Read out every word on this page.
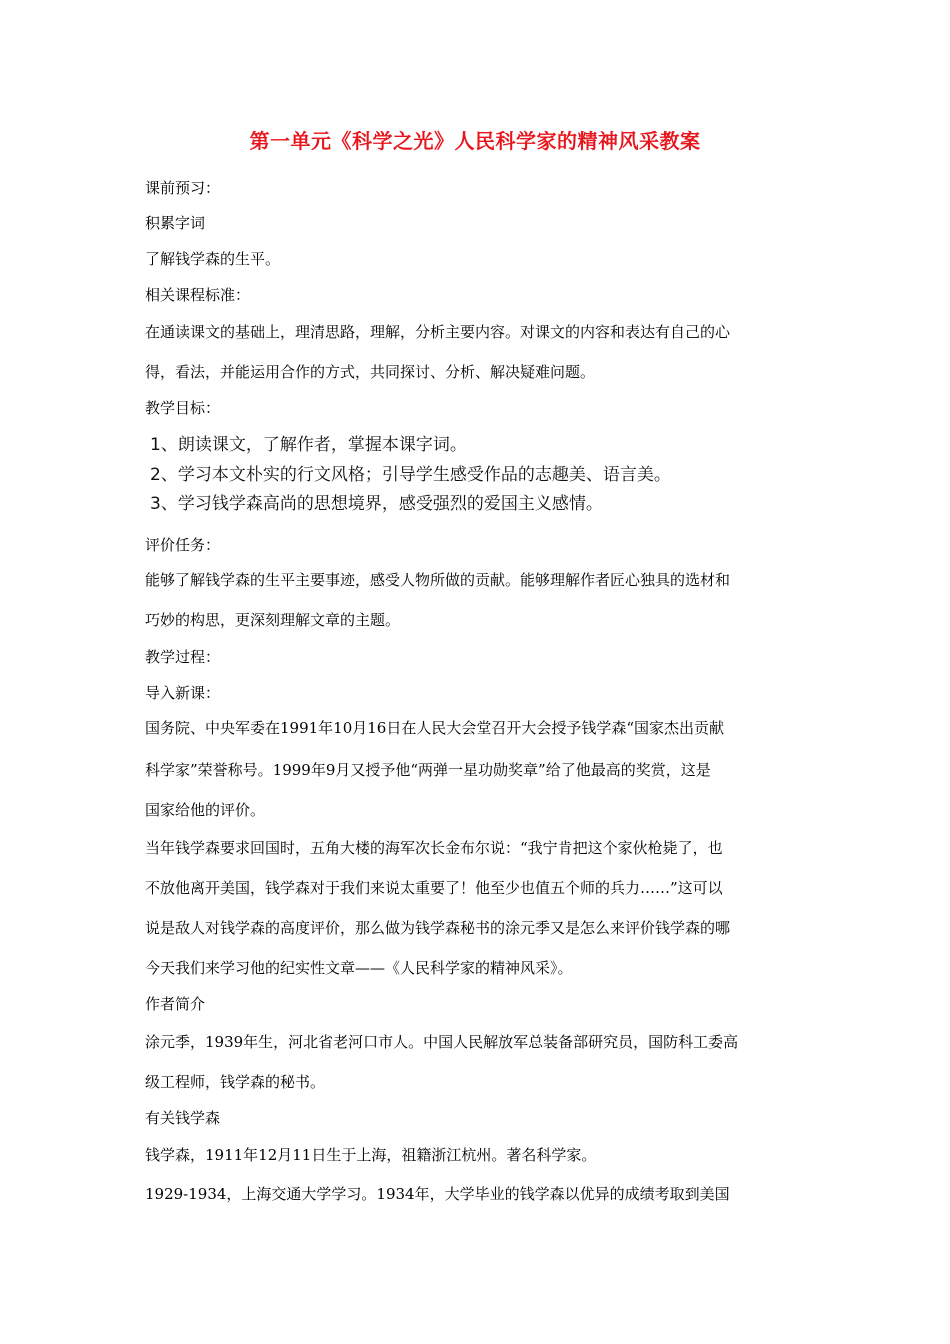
第一单元《科学之光》人民科学家的精神风采教案
课前预习：
积累字词
了解钱学森的生平。
相关课程标准：
在通读课文的基础上，理清思路，理解，分析主要内容。对课文的内容和表达有自己的心
得，看法，并能运用合作的方式，共同探讨、分析、解决疑难问题。
教学目标：
1、朗读课文，了解作者，掌握本课字词。
2、学习本文朴实的行文风格；引导学生感受作品的志趣美、语言美。
3、学习钱学森高尚的思想境界，感受强烈的爱国主义感情。
评价任务：
能够了解钱学森的生平主要事迹，感受人物所做的贡献。能够理解作者匠心独具的选材和
巧妙的构思，更深刻理解文章的主题。
教学过程：
导入新课：
国务院、中央军委在1991年10月16日在人民大会堂召开大会授予钱学森“国家杰出贡献
科学家”荣誉称号。1999年9月又授予他“两弹一星功勋奖章”给了他最高的奖赏，这是
国家给他的评价。
当年钱学森要求回国时，五角大楼的海军次长金布尔说：“我宁肯把这个家伙枪毙了，也
不放他离开美国，钱学森对于我们来说太重要了！他至少也值五个师的兵力……”这可以
说是敌人对钱学森的高度评价，那么做为钱学森秘书的涂元季又是怎么来评价钱学森的哪
今天我们来学习他的纪实性文章——《人民科学家的精神风采》。
作者简介
涂元季，1939年生，河北省老河口市人。中国人民解放军总装备部研究员，国防科工委高
级工程师，钱学森的秘书。
有关钱学森
钱学森，1911年12月11日生于上海，祖籍浙江杭州。著名科学家。
1929-1934，上海交通大学学习。1934年，大学毕业的钱学森以优异的成绩考取到美国
